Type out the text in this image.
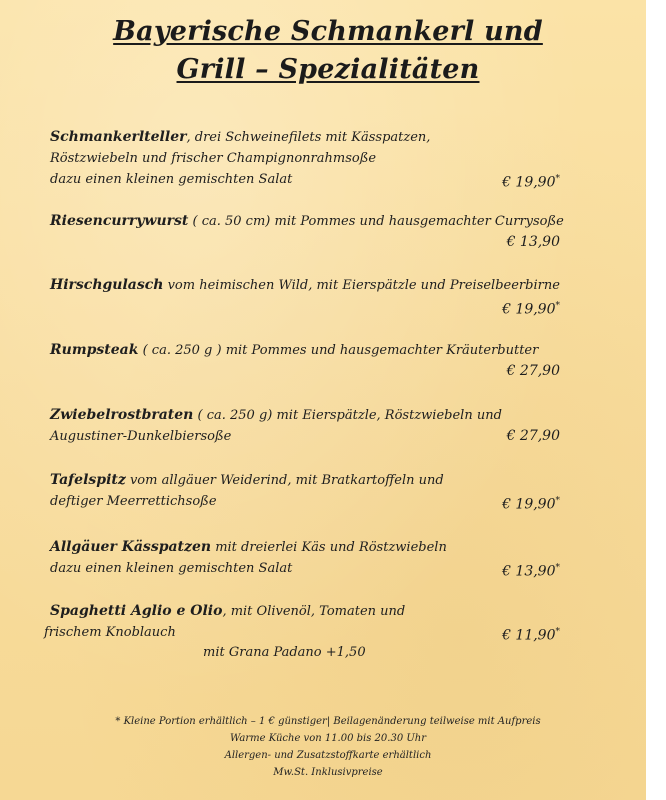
Bayerische Schmankerl und
Grill – Spezialitäten
Schmankerlteller, drei Schweinefilets mit Kässpatzen,
Röstzwiebeln und frischer Champignonrahmsoße
dazu einen kleinen gemischten Salat	€ 19,90*
Riesencurrywurst ( ca. 50 cm) mit Pommes und hausgemachter Currysoße
€ 13,90
Hirschgulasch vom heimischen Wild, mit Eierspätzle und Preiselbeerbirne
€ 19,90*
Rumpsteak ( ca. 250 g ) mit Pommes und hausgemachter Kräuterbutter
€ 27,90
Zwiebelrostbraten ( ca. 250 g) mit Eierspätzle, Röstzwiebeln und
Augustiner-Dunkelbiersoße	€ 27,90
Tafelspitz vom allgäuer Weiderind, mit Bratkartoffeln und
deftiger Meerrettichsoße	€ 19,90*
Allgäuer Kässpatzen mit dreierlei Käs und Röstzwiebeln
dazu einen kleinen gemischten Salat	€ 13,90*
Spaghetti Aglio e Olio, mit Olivenöl, Tomaten und
frischem Knoblauch	€ 11,90*
mit Grana Padano +1,50
* Kleine Portion erhältlich – 1 € günstiger| Beilagenänderung teilweise mit Aufpreis
Warme Küche von 11.00 bis 20.30 Uhr
Allergen- und Zusatzstoffkarte erhältlich
Mw.St. Inklusivpreise
